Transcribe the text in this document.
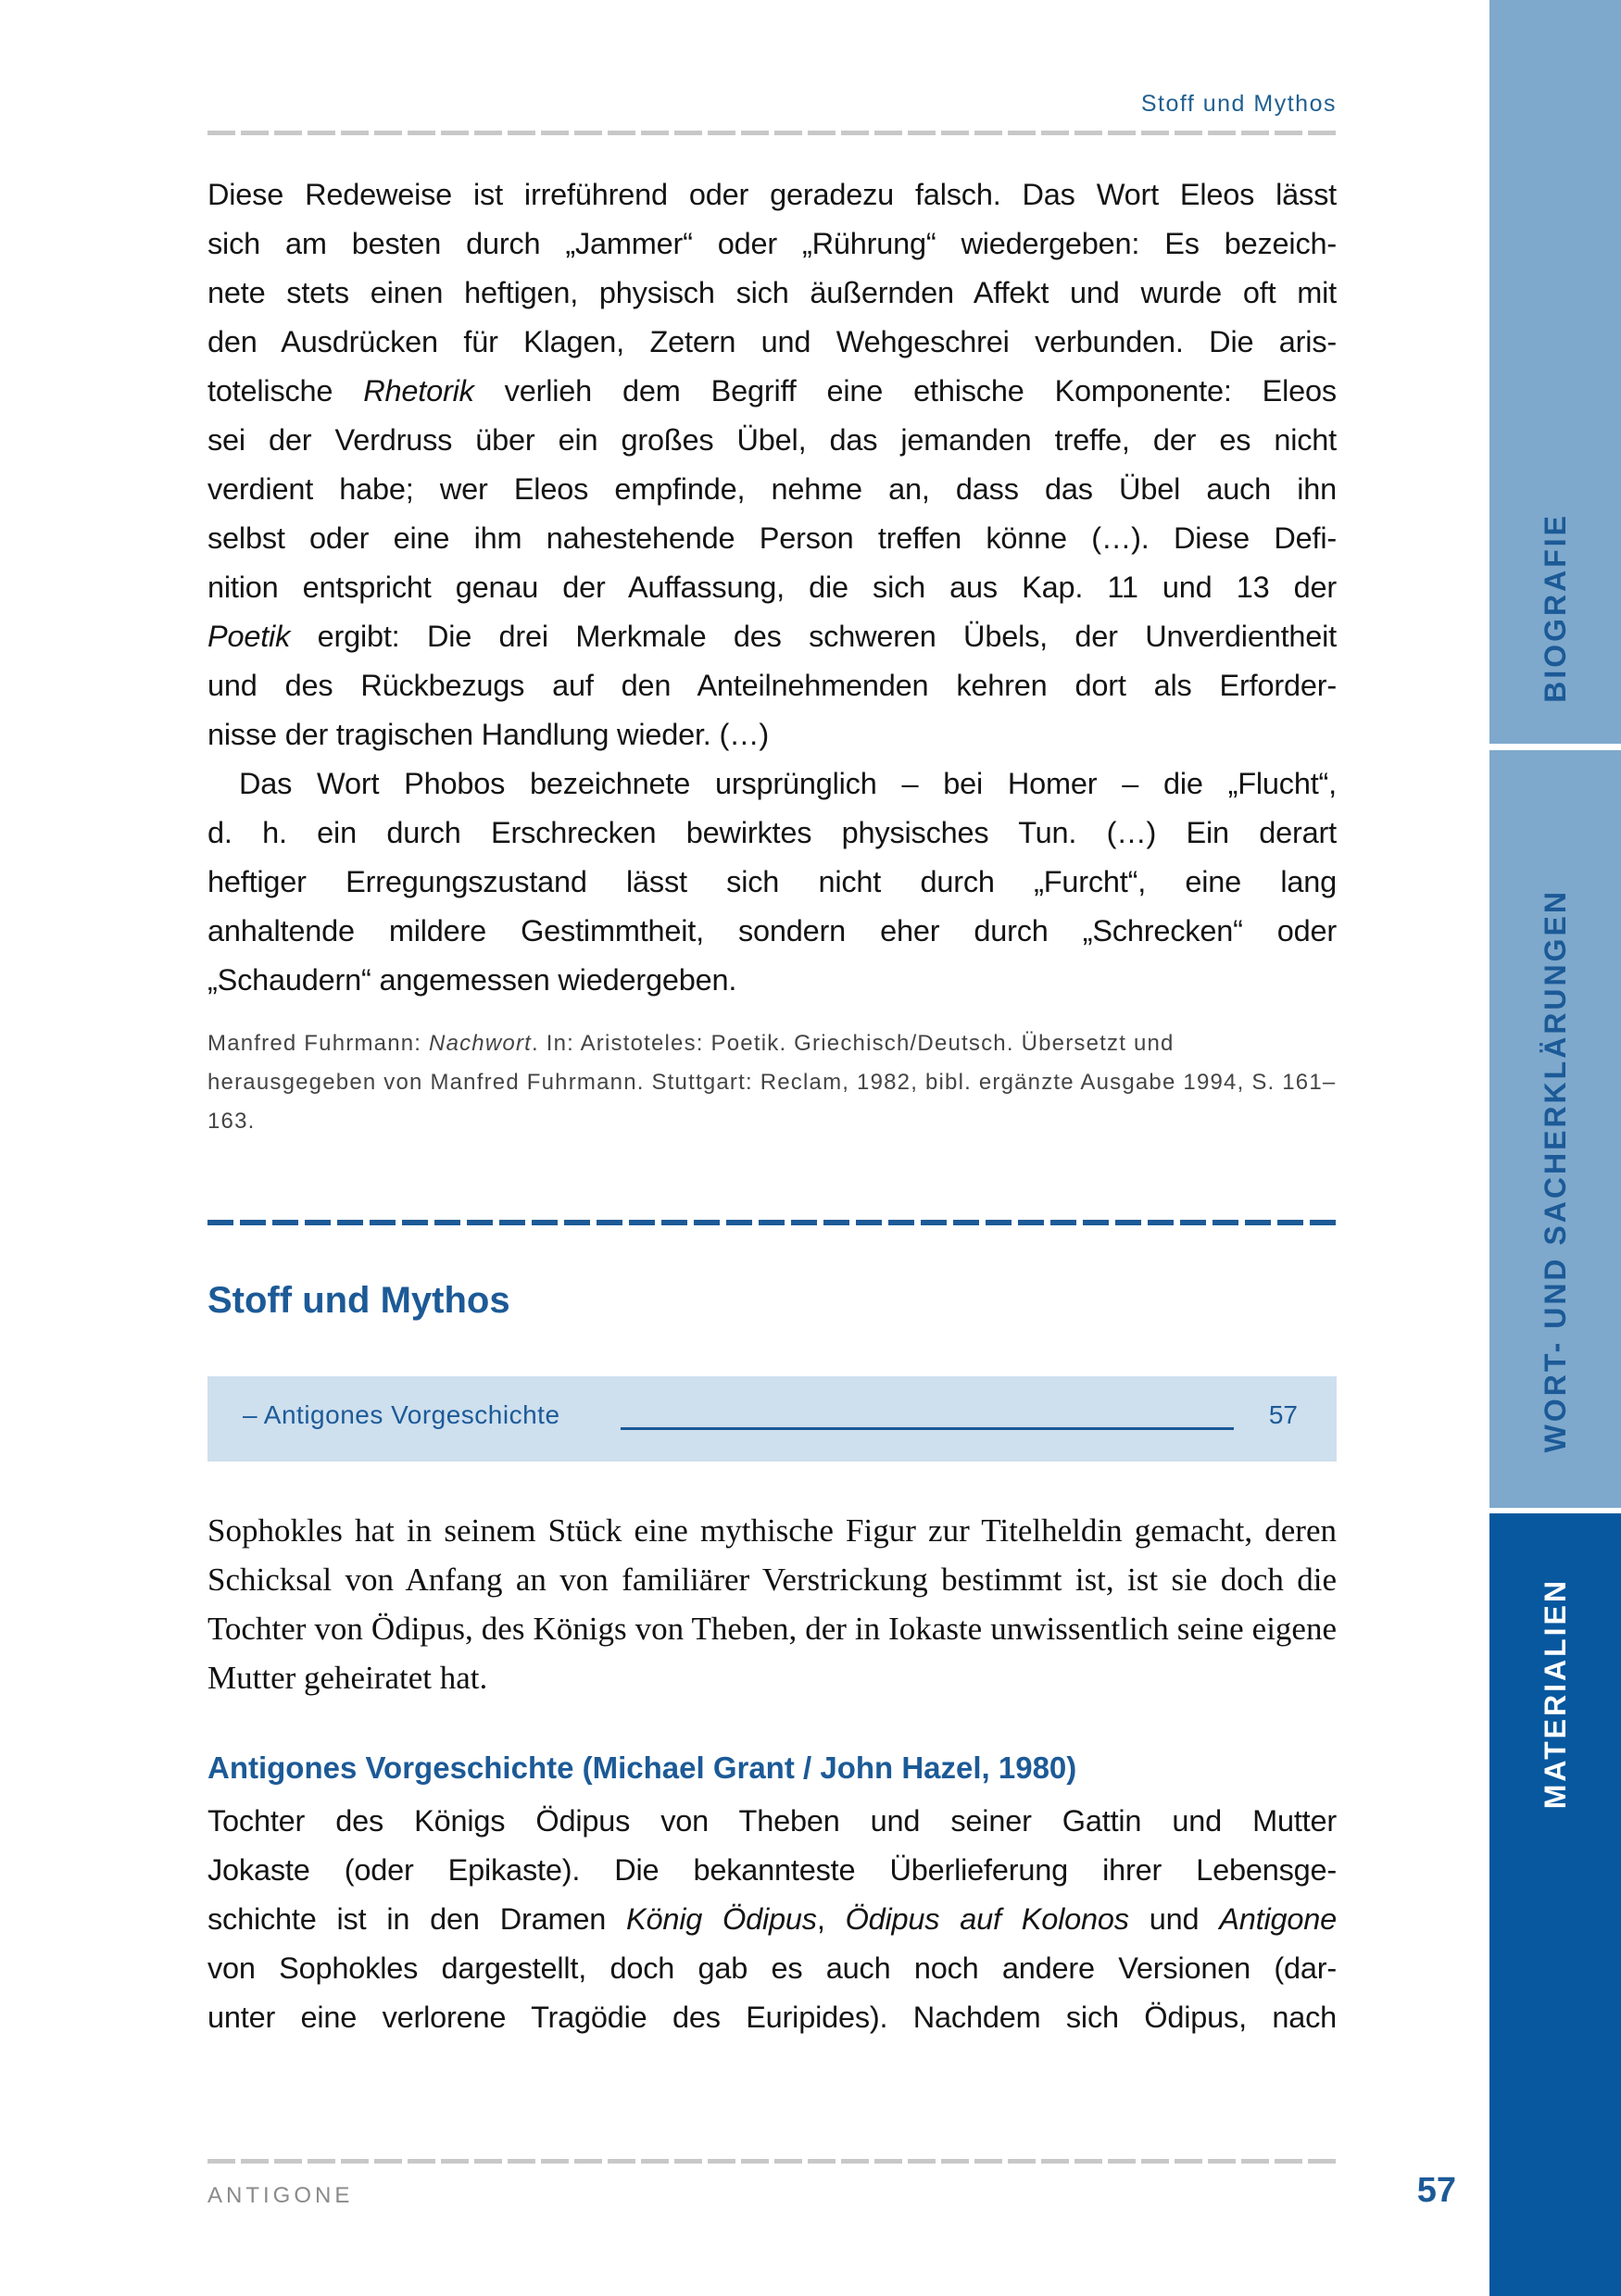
Stoff und Mythos
Diese Redeweise ist irreführend oder geradezu falsch. Das Wort Eleos lässt
sich am besten durch „Jammer“ oder „Rührung“ wiedergeben: Es bezeich-
nete stets einen heftigen, physisch sich äußernden Affekt und wurde oft mit
den Ausdrücken für Klagen, Zetern und Wehgeschrei verbunden. Die aris-
totelische Rhetorik verlieh dem Begriff eine ethische Komponente: Eleos
sei der Verdruss über ein großes Übel, das jemanden treffe, der es nicht
verdient habe; wer Eleos empfinde, nehme an, dass das Übel auch ihn
selbst oder eine ihm nahestehende Person treffen könne (…). Diese Defi-
nition entspricht genau der Auffassung, die sich aus Kap. 11 und 13 der
Poetik ergibt: Die drei Merkmale des schweren Übels, der Unverdientheit
und des Rückbezugs auf den Anteilnehmenden kehren dort als Erforder-
nisse der tragischen Handlung wieder. (…)
Das Wort Phobos bezeichnete ursprünglich – bei Homer – die „Flucht“,
d. h. ein durch Erschrecken bewirktes physisches Tun. (…) Ein derart
heftiger Erregungszustand lässt sich nicht durch „Furcht“, eine lang
anhaltende mildere Gestimmtheit, sondern eher durch „Schrecken“ oder
„Schaudern“ angemessen wiedergeben.
Manfred Fuhrmann: Nachwort. In: Aristoteles: Poetik. Griechisch/Deutsch. Übersetzt und herausgegeben von Manfred Fuhrmann. Stuttgart: Reclam, 1982, bibl. ergänzte Ausgabe 1994, S. 161–163.
Stoff und Mythos
– Antigones Vorgeschichte	57
Sophokles hat in seinem Stück eine mythische Figur zur Titelheldin gemacht, deren Schicksal von Anfang an von familiärer Verstrickung bestimmt ist, ist sie doch die Tochter von Ödipus, des Königs von Theben, der in Iokaste unwissentlich seine eigene Mutter geheiratet hat.
Antigones Vorgeschichte (Michael Grant / John Hazel, 1980)
Tochter des Königs Ödipus von Theben und seiner Gattin und Mutter
Jokaste (oder Epikaste). Die bekannteste Überlieferung ihrer Lebensge-
schichte ist in den Dramen König Ödipus, Ödipus auf Kolonos und Antigone
von Sophokles dargestellt, doch gab es auch noch andere Versionen (dar-
unter eine verlorene Tragödie des Euripides). Nachdem sich Ödipus, nach
ANTIGONE	57
BIOGRAFIE
WORT- UND SACHERKLÄRUNGEN
MATERIALIEN
